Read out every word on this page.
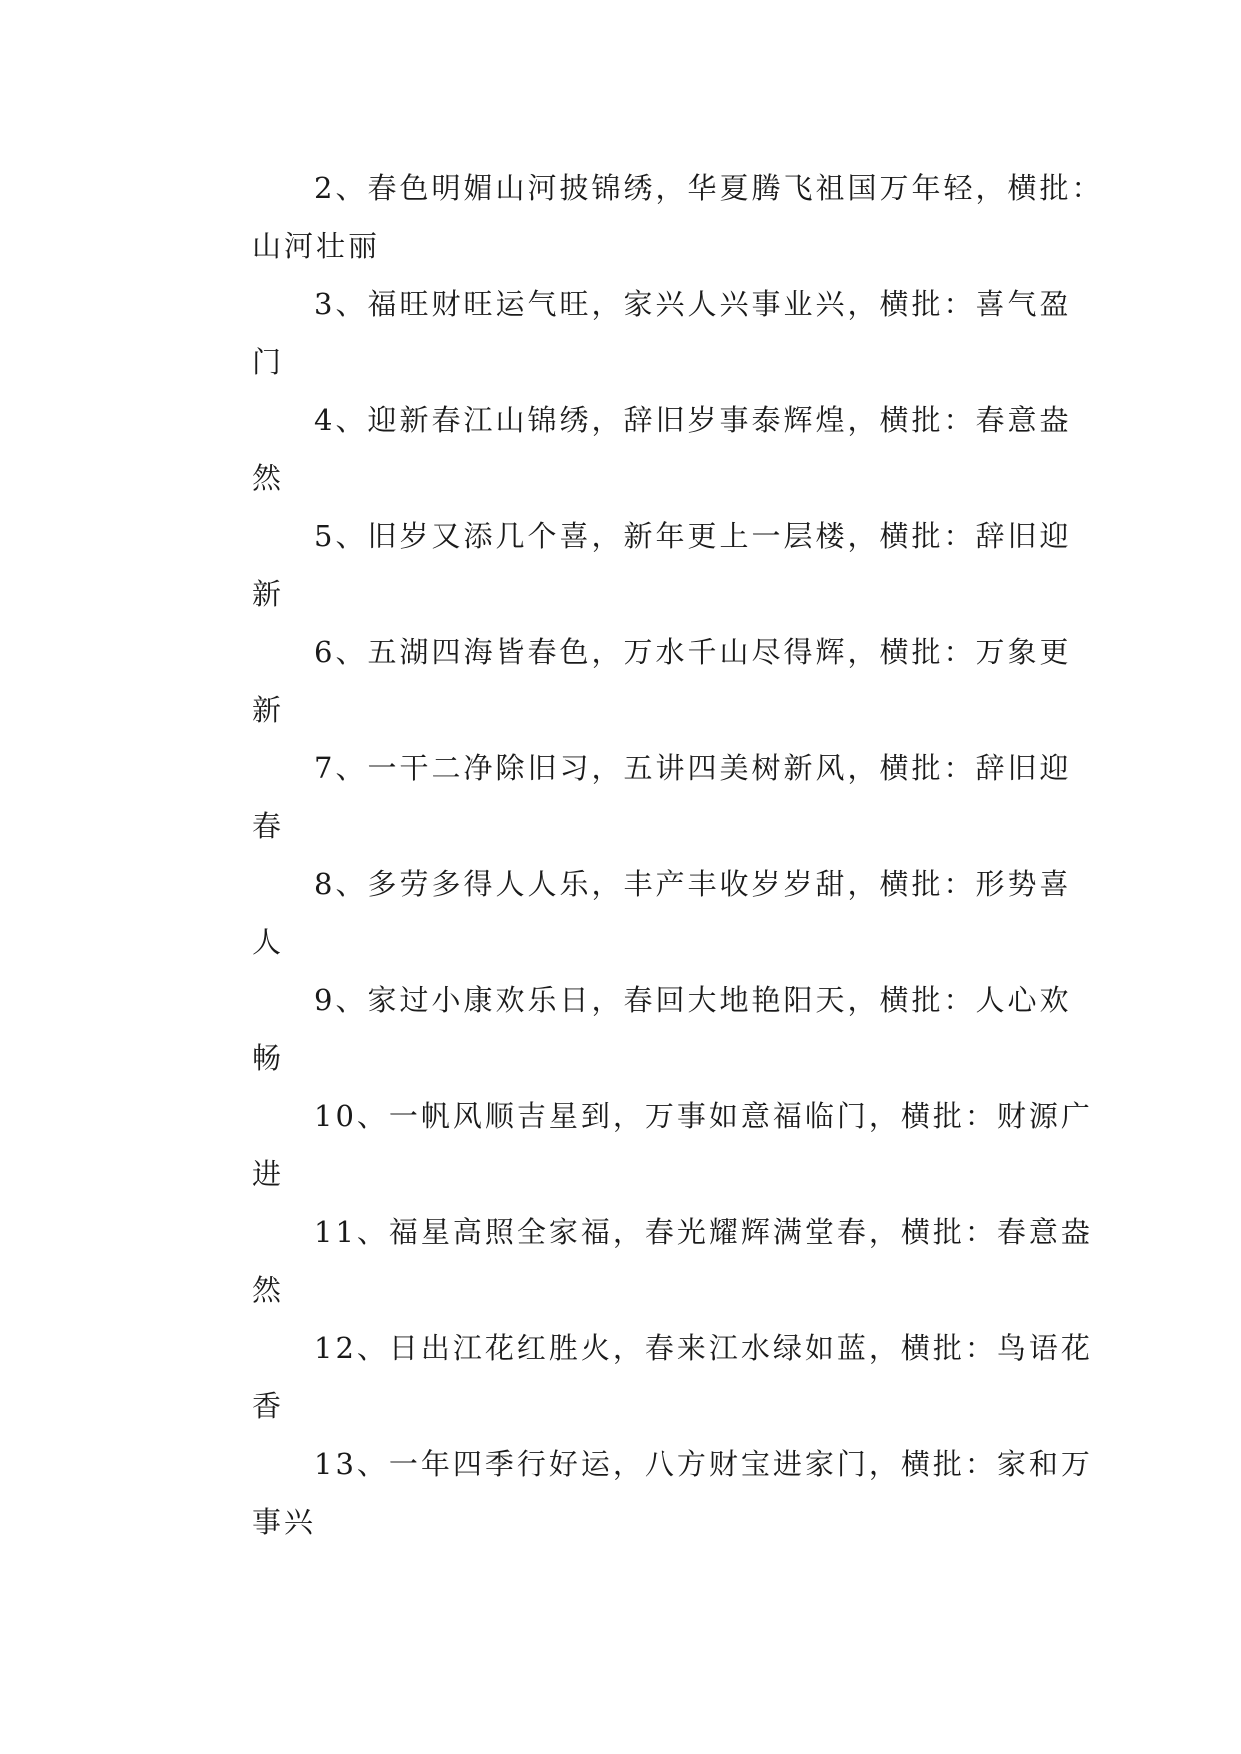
2、春色明媚山河披锦绣，华夏腾飞祖国万年轻，横批：
山河壮丽
3、福旺财旺运气旺，家兴人兴事业兴，横批：喜气盈
门
4、迎新春江山锦绣，辞旧岁事泰辉煌，横批：春意盎
然
5、旧岁又添几个喜，新年更上一层楼，横批：辞旧迎
新
6、五湖四海皆春色，万水千山尽得辉，横批：万象更
新
7、一干二净除旧习，五讲四美树新风，横批：辞旧迎
春
8、多劳多得人人乐，丰产丰收岁岁甜，横批：形势喜
人
9、家过小康欢乐日，春回大地艳阳天，横批：人心欢
畅
10、一帆风顺吉星到，万事如意福临门，横批：财源广
进
11、福星高照全家福，春光耀辉满堂春，横批：春意盎
然
12、日出江花红胜火，春来江水绿如蓝，横批：鸟语花
香
13、一年四季行好运，八方财宝进家门，横批：家和万
事兴
